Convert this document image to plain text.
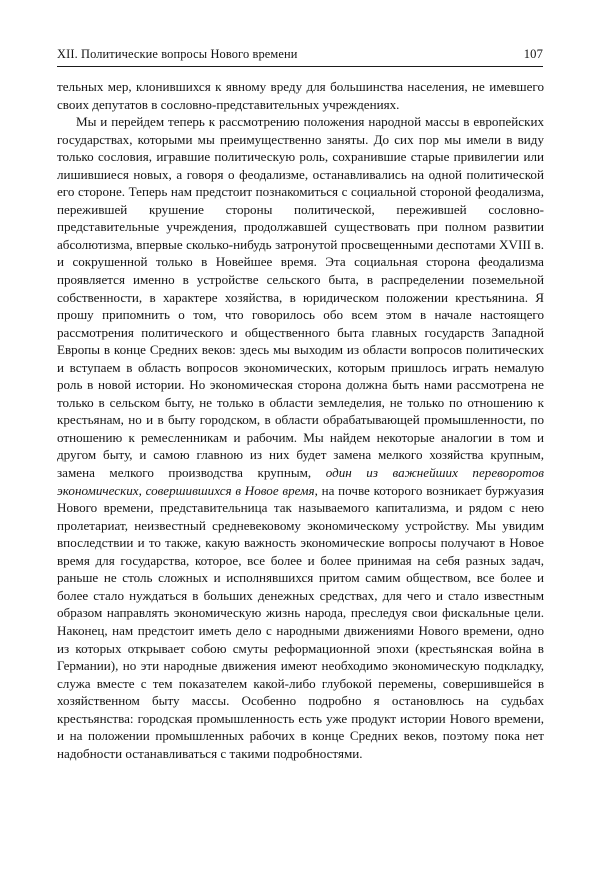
XII. Политические вопросы Нового времени	107

тельных мер, клонившихся к явному вреду для большинства населения, не имевшего своих депутатов в сословно-представительных учреждениях.

Мы и перейдем теперь к рассмотрению положения народной массы в европейских государствах, которыми мы преимущественно заняты. До сих пор мы имели в виду только сословия, игравшие политическую роль, сохранившие старые привилегии или лишившиеся новых, а говоря о феодализме, останавливались на одной политической его стороне. Теперь нам предстоит познакомиться с социальной стороной феодализма, пережившей крушение стороны политической, пережившей сословно-представительные учреждения, продолжавшей существовать при полном развитии абсолютизма, впервые сколько-нибудь затронутой просвещенными деспотами XVIII в. и сокрушенной только в Новейшее время. Эта социальная сторона феодализма проявляется именно в устройстве сельского быта, в распределении поземельной собственности, в характере хозяйства, в юридическом положении крестьянина. Я прошу припомнить о том, что говорилось обо всем этом в начале настоящего рассмотрения политического и общественного быта главных государств Западной Европы в конце Средних веков: здесь мы выходим из области вопросов политических и вступаем в область вопросов экономических, которым пришлось играть немалую роль в новой истории. Но экономическая сторона должна быть нами рассмотрена не только в сельском быту, не только в области земледелия, не только по отношению к крестьянам, но и в быту городском, в области обрабатывающей промышленности, по отношению к ремесленникам и рабочим. Мы найдем некоторые аналогии в том и другом быту, и самою главною из них будет замена мелкого хозяйства крупным, замена мелкого производства крупным, один из важнейших переворотов экономических, совершившихся в Новое время, на почве которого возникает буржуазия Нового времени, представительница так называемого капитализма, и рядом с нею пролетариат, неизвестный средневековому экономическому устройству. Мы увидим впоследствии и то также, какую важность экономические вопросы получают в Новое время для государства, которое, все более и более принимая на себя разных задач, раньше не столь сложных и исполнявшихся притом самим обществом, все более и более стало нуждаться в больших денежных средствах, для чего и стало известным образом направлять экономическую жизнь народа, преследуя свои фискальные цели. Наконец, нам предстоит иметь дело с народными движениями Нового времени, одно из которых открывает собою смуты реформационной эпохи (крестьянская война в Германии), но эти народные движения имеют необходимо экономическую подкладку, служа вместе с тем показателем какой-либо глубокой перемены, совершившейся в хозяйственном быту массы. Особенно подробно я остановлюсь на судьбах крестьянства: городская промышленность есть уже продукт истории Нового времени, и на положении промышленных рабочих в конце Средних веков, поэтому пока нет надобности останавливаться с такими подробностями.
